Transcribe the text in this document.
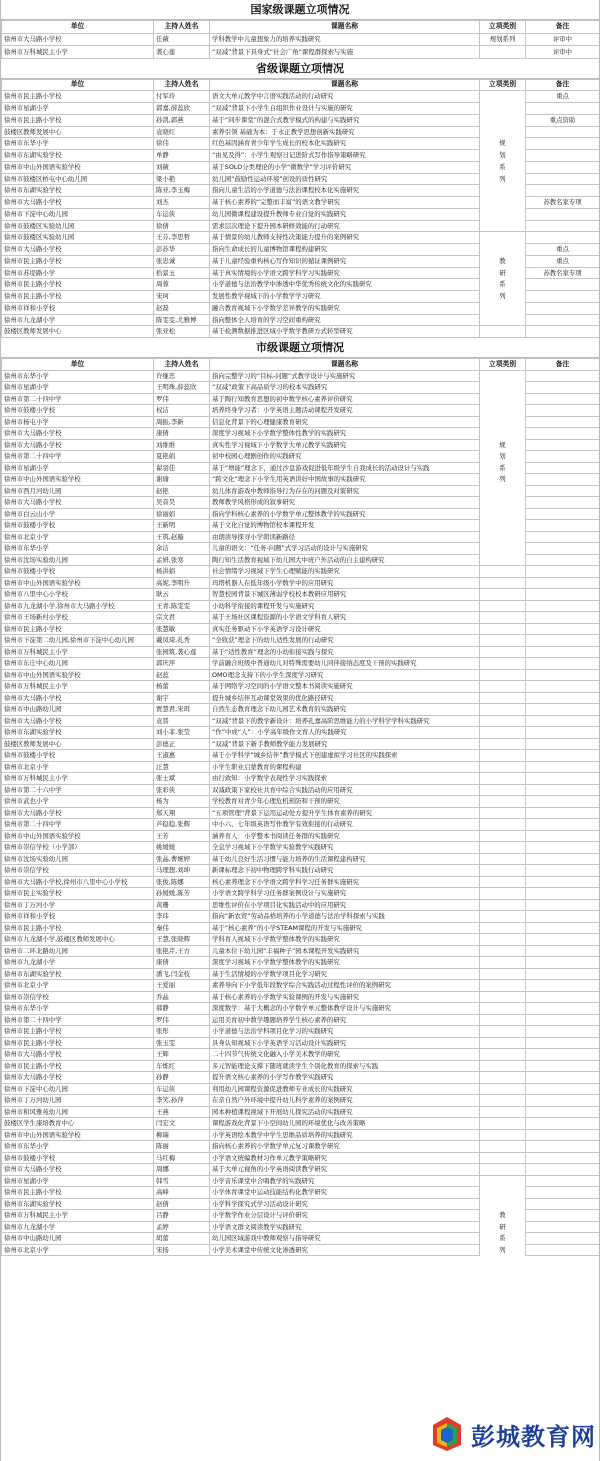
国家级课题立项情况
单位	主持人姓名	课题名称	立项类别	备注
徐州市大马路小学校	任薇	学科教学中儿童想象力的培养实践研究	规划系列	评审中
徐州市万科城民主小学	袭心莲	“双减”背景下具身式“社会广角”课程群探索与实施		评审中
省级课题立项情况
单位	主持人姓名	课题名称	立项类别	备注
徐州市民主路小学校	付军玲	语文大单元教学中言语实践活动的行动研究		重点
徐州市星湖小学	郭嘉,薛蕊欣	“双减”背景下小学生自组织作业设计与实施的研究		
徐州市民主路小学校	孙凯,郭燕	基于“同步课堂”的混合式教学模式的构建与实践研究		重点资助
鼓楼区教师发展中心	袁晓红	素养引领 基础为本：于永正教学思想创新实践研究		
徐州市东华小学	徐伟	红色基因涵育青少年学生成长的校本化实践研究	规	
徐州市东湖实验学校	单静	“由见及得”：小学生观察日记进阶式写作指导策略研究	划	
徐州市中山外国语实验学校	刘薇	基于SOLO分类理论的小学“微数学”学习评价研究	系	
徐州市鼓楼区桥屯中心幼儿园	梁小艳	幼儿园“鼓励性运动环境”创设的质性研究	列	
徐州市东湖实验学校	陈亚,李玉梅	指向儿童生活的小学道德与法治课程校本化实施研究		
徐州市大马路小学校	刘杰	基于核心素养的“完整而丰富”的语文教学研究		苏教名家专项
徐州市下淀中心幼儿园	车运侠	幼儿园微课程建设提升教师专业自觉的实践研究		
徐州市鼓楼区实验幼儿园	徐倩	需求层次理论下提升园本研修效能的行动研究		
徐州市鼓楼区实验幼儿园	王芬,李思哲	基于情景的幼儿教师支持性决策能力提升的案例研究		
徐州市大马路小学校	彭苏华	指向生命成长的儿童博物馆课程构建研究		重点
徐州市民主路小学校	张忠诚	基于儿童经验重构核心写作知识的循证课例研究	教	重点
徐州市苏堤路小学	拾景玉	基于真实情境的小学语文跨学科学习实践研究	研	苏教名家专项
徐州市民主路小学校	周蓉	小学道德与法治教学中渗透中华优秀传统文化的实践研究	系	
徐州市民主路小学校	宋珂	发展性教学视域下的小学数学学习研究	列	
徐州市祥和小学校	赵磊	融合教育视域下小学数学差异教学的实践研究		
徐州市九龙湖小学	陈雯雯,尤雅博	指向整体全人培育的学习空间重构研究		
鼓楼区教师发展中心	张亚松	基于检测数据推进区域小学数学教研方式转型研究		
市级课题立项情况
单位	主持人姓名	课题名称	立项类别	备注
徐州市东华小学	许继忠	指向完整学习的“目标-问题”式教学设计与实施研究		
徐州市星湖小学	王明珠,薛蕊欣	“双减”政策下高品质学习的校本实践研究		
徐州市第二十四中学	罗伟	基于陶行知教育思想的初中数学核心素养评价研究		
徐州市鼓楼小学校	权洁	培养终身学习者：小学英语主题活动课程开发研究		
徐州市杨屯小学	周振,李新	信息化背景下的心理健康教育研究		
徐州市大马路小学校	康倩	深度学习视域下小学数学整体性教学的实践研究		
徐州市大马路小学校	刘维维	真实性学习视域下小学数学大单元教学实践研究	规	
徐州市第二十四中学	夏艳娟	初中校园心理剧创作的实践研究	划	
徐州市星湖小学	翟羽佳	基于“增能”理念下，通过沙盘游戏促进低年级学生自我成长的活动设计与实践	系	
徐州市中山外国语实验学校	谢瑜	“跨文化”理念下小学生用英语讲好中国故事的实践研究	列	
徐州市西月河幼儿园	赵艳	幼儿体育游戏中教师指导行为存在的问题及对策研究		
徐州市大马路小学校	吴音昊	教师教学风格形成的叙事研究		
徐州市白云山小学	徐丽娟	指向学科核心素养的小学数学单元整体教学的实践研究		
徐州市鼓楼小学校	王新明	基于文化自觉的博物馆校本课程开发		
徐州市北京小学	王筑,赵璇	由朗读导探寻小学朗读新路径		
徐州市东华小学	余洁	儿童的语文：“任务-问题”式学习活动的设计与实施研究		
徐州市沈场实验幼儿园	孟妍,张寒	陶行知生活教育视域下幼儿园大中班户外活动的自主建构研究		
徐州市鼓楼小学校	杨洪娟	社会情绪学习视域下学生心理赋能的实践研究		
徐州市中山外国语实验学校	高妮,李明升	玛塔机器人在低年级小学数学中的应用研究		
徐州市八里中心小学校	耿云	智慧校园背景下城区薄弱学校校本教研应用研究		
徐州市九龙湖小学,徐州市大马路小学校	王青,陈雯雯	小幼科学衔接的课程开发与实施研究		
徐州市王场新村小学校	宗文君	基于王场社区课程资源的小学语文学科育人研究		
徐州市民主路小学校	张慧敏	真实任务驱动下小学英语学习设计研究		
徐州市下淀第二幼儿园,徐州市下淀中心幼儿园	戴凤琦,孔秀	“全收获”理念下的幼儿适性发展的行动研究		
徐州市万科城民主小学	张园筑,袭心莲	基于“适性教育”理念的小幼衔接实践与探究		
徐州市东庄中心幼儿园	郭庆萍	学前融合班级中普通幼儿对特殊需要幼儿同伴接纳态度及干预的实践研究		
徐州市中山外国语实验学校	赵蕊	OMO理念支持下的小学生深度学习研究		
徐州市万科城民主小学	杨蕾	基于网络学习空间的小学语文整本书阅读实施研究		
徐州市大马路小学校	谢宇	提升城乡结伴互动课堂效果的优化路径研究		
徐州市中山路幼儿园	贾慧君,宋珥	自然生态教育理念下幼儿园艺术教育的实践研究		
徐州市大马路小学校	袁晋	“双减”背景下的教学新设计：培养孔嘉高阶思维能力的小学科学学科实践研究		
徐州市东湖实验学校	刘小菲,张莹	“作”中成“人”：小学高年级作文育人的实践研究		
鼓楼区教师发展中心	彭德正	“双减”背景下新手教师教学能力发展研究		
徐州市鼓楼小学校	王淑惠	基于小学科学“城乡结伴”教学模式下创建虚拟学习社区的实践探索		
徐州市北京小学	汪慧	小学生职业启蒙教育的课程构建		
徐州市万科城民主小学	张士斌	由行致知：小学数学表现性学习实践探索		
徐州市第二十六中学	张彩侠	双减政策下家校社共育中综合实践活动的应用研究		
徐州市武也小学	杨为	学校教育对青少年心理危机预防和干预的研究		
徐州市大马路小学校	郑天翔	“五项管理”背景下运用运动处方提升学生体育素养的研究		
徐州市第二十四中学	芦稳稳,张辉	中小六、七年级英语写作教学有效衔接的行动研究		
徐州市中山外国语实验学校	王芳	涵养育人：小学整本书阅读任务群的实践研究		
徐州市崇信学校（小学部）	姚媛媛	全息学习视域下小学数学实验教学实践研究		
徐州市沈场实验幼儿园	张晶,曹婉婷	基于幼儿良好生活习惯与能力培养的生活课程建构研究		
徐州市崇信学校	马理想,刘坤	新课标理念下初中物理跨学科实践行动研究		
徐州市大马路小学校,徐州市八里中心小学校	张俊,陈娜	核心素养理念下小学语文跨学科学习任务群实施研究		
徐州市民主实验学校	孙媛媛,陈芳	小学语文跨学科学习任务群案例设计与实施研究		
徐州市丁万河小学	黄珊	思维性评价在小学项目化实践活动中的应用研究		
徐州市祥和小学校	李玮	指向“新农贸”劳动品格培养的小学道德与法治学科探索与实践		
徐州市民主路小学校	秦伟	基于“核心素养”的小学STEAM课程的开发与实施研究		
徐州市九龙湖小学,鼓楼区教师发展中心	王慧,张晓辉	学科育人视域下小学数学整体教学的实践研究		
徐州市二环北路幼儿园	张艳芹,王方	儿童本位下幼儿园“丰福种子”园本课程开发实践研究		
徐州市九龙湖小学	康倩	深度学习视域下小学数学整体教学的实践研究		
徐州市东湖实验学校	潘飞,闫金枝	基于生活情境的小学数学项目化学习研究		
徐州市北京小学	王爱丽	素养导向下小学低年段数学综合实践活动过程性评价的案例研究		
徐州市崇信学校	乔晶	基于核心素养的小学数学实验课例的开发与实施研究		
徐州市东华小学	郝静	深度数学：基于大概念的小学数学单元整体教学设计与实施研究		
徐州市第二十四中学	罗伟	运用美育初中数学趣题培养学生核心素养的研究		
徐州市民主路小学校	张彤	小学道德与法治学科项目化学习的实践研究		
徐州市民主路小学校	张玉雯	具身认知视域下小学英语学习活动设计实践研究		
徐州市大马路小学校	王辉	二十四节气传统文化融入小学美术教学的研究		
徐州市民主路小学校	车炼红	多元智能理论支撑下随班就读学生个别化教育的探索与实践		
徐州市大马路小学校	孙静	提升语文核心素养的小学写作教学实践研究		
徐州市下淀中心幼儿园	车运侠	利用幼儿园课程资源促进教师专业成长的实践研究		
徐州市丁万河幼儿园	李笑,孙萍	在亲自然户外环境中提升幼儿科学素养的案例研究		
徐州市和风雅苑幼儿园	王燕	园本种植课程视域下开展幼儿探究活动的实践研究		
鼓楼区学生康培教育中心	闫宏文	课程游戏化背景下小空间幼儿园的环境优化与改善策略		
徐州市中山外国语实验学校	柳瑞	小学英语绘本教学中学生思维品质培养的实践研究		
徐州市东华小学	陈丽	指向核心素养的小学数学单元复习课教学研究		
徐州市鼓楼小学校	马红梅	小学语文统编教材习作单元教学策略研究		
徐州市大马路小学校	周娜	基于大单元视角的小学英语阅读教学研究		
徐州市星湖小学	韩雪	小学音乐课堂中合唱教学的实践研究		
徐州市民主路小学校	高峰	小学体育课堂中运动技能结构化教学研究		
徐州市东湖实验学校	赵倩	小学科学探究式学习活动设计研究		
徐州市万科城民主小学	吕静	小学数学作业分层设计与评价研究	教	
徐州市九龙湖小学	孟婷	小学语文群文阅读教学实践研究	研	
徐州市中山路幼儿园	胡蕾	幼儿园区域游戏中教师观察与指导研究	系	
徐州市北京小学	宋扬	小学美术课堂中传统文化渗透研究	列	
彭城教育网
